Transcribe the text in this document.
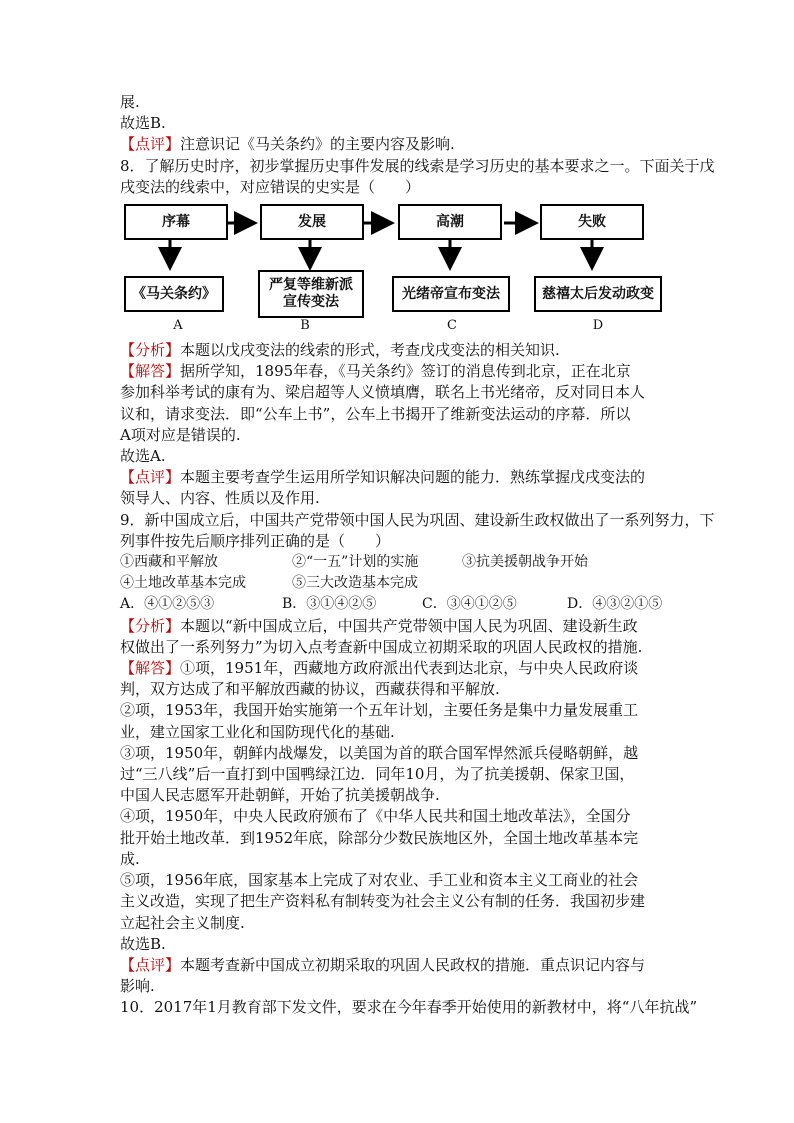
展.
故选B.
【点评】注意识记《马关条约》的主要内容及影响.
8．了解历史时序，初步掌握历史事件发展的线索是学习历史的基本要求之一。下面关于戊
戌变法的线索中，对应错误的史实是（　　）
序幕	发展	高潮	失败
《马关条约》
严复等维新派
宣传变法
光绪帝宣布变法	慈禧太后发动政变
A	B	C	D
【分析】本题以戊戌变法的线索的形式，考查戊戌变法的相关知识.
【解答】据所学知，1895年春，《马关条约》签订的消息传到北京，正在北京
参加科举考试的康有为、梁启超等人义愤填膺，联名上书光绪帝，反对同日本人
议和，请求变法．即“公车上书”，公车上书揭开了维新变法运动的序幕．所以
A项对应是错误的.
故选A.
【点评】本题主要考查学生运用所学知识解决问题的能力．熟练掌握戊戌变法的
领导人、内容、性质以及作用.
9．新中国成立后，中国共产党带领中国人民为巩固、建设新生政权做出了一系列努力，下
列事件按先后顺序排列正确的是（　　）
①西藏和平解放	②“一五”计划的实施	③抗美援朝战争开始
④土地改革基本完成	⑤三大改造基本完成
A．④①②⑤③	B．③①④②⑤	C．③④①②⑤	D．④③②①⑤
【分析】本题以“新中国成立后，中国共产党带领中国人民为巩固、建设新生政
权做出了一系列努力”为切入点考查新中国成立初期采取的巩固人民政权的措施.
【解答】①项，1951年，西藏地方政府派出代表到达北京，与中央人民政府谈
判，双方达成了和平解放西藏的协议，西藏获得和平解放.
②项，1953年，我国开始实施第一个五年计划，主要任务是集中力量发展重工
业，建立国家工业化和国防现代化的基础.
③项，1950年，朝鲜内战爆发，以美国为首的联合国军悍然派兵侵略朝鲜，越
过“三八线”后一直打到中国鸭绿江边．同年10月，为了抗美援朝、保家卫国，
中国人民志愿军开赴朝鲜，开始了抗美援朝战争.
④项，1950年，中央人民政府颁布了《中华人民共和国土地改革法》，全国分
批开始土地改革．到1952年底，除部分少数民族地区外，全国土地改革基本完
成.
⑤项，1956年底，国家基本上完成了对农业、手工业和资本主义工商业的社会
主义改造，实现了把生产资料私有制转变为社会主义公有制的任务．我国初步建
立起社会主义制度.
故选B.
【点评】本题考查新中国成立初期采取的巩固人民政权的措施．重点识记内容与
影响.
10．2017年1月教育部下发文件，要求在今年春季开始使用的新教材中，将“八年抗战”
